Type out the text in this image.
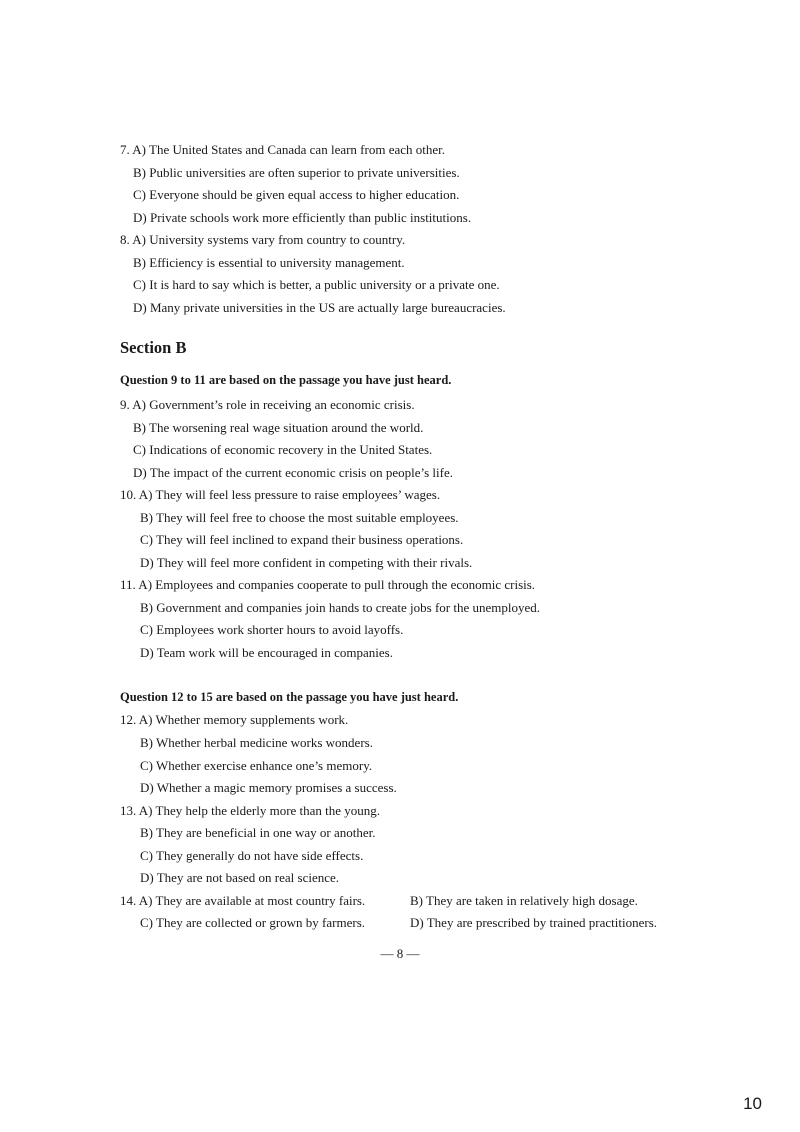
7. A) The United States and Canada can learn from each other.
B) Public universities are often superior to private universities.
C) Everyone should be given equal access to higher education.
D) Private schools work more efficiently than public institutions.
8. A) University systems vary from country to country.
B) Efficiency is essential to university management.
C) It is hard to say which is better, a public university or a private one.
D) Many private universities in the US are actually large bureaucracies.
Section B
Question 9 to 11 are based on the passage you have just heard.
9. A) Government’s role in receiving an economic crisis.
B) The worsening real wage situation around the world.
C) Indications of economic recovery in the United States.
D) The impact of the current economic crisis on people’s life.
10. A) They will feel less pressure to raise employees’ wages.
B) They will feel free to choose the most suitable employees.
C) They will feel inclined to expand their business operations.
D) They will feel more confident in competing with their rivals.
11. A) Employees and companies cooperate to pull through the economic crisis.
B) Government and companies join hands to create jobs for the unemployed.
C) Employees work shorter hours to avoid layoffs.
D) Team work will be encouraged in companies.
Question 12 to 15 are based on the passage you have just heard.
12. A) Whether memory supplements work.
B) Whether herbal medicine works wonders.
C) Whether exercise enhance one’s memory.
D) Whether a magic memory promises a success.
13. A) They help the elderly more than the young.
B) They are beneficial in one way or another.
C) They generally do not have side effects.
D) They are not based on real science.
14. A) They are available at most country fairs.	B) They are taken in relatively high dosage.
C) They are collected or grown by farmers.	D) They are prescribed by trained practitioners.
— 8 —
10
